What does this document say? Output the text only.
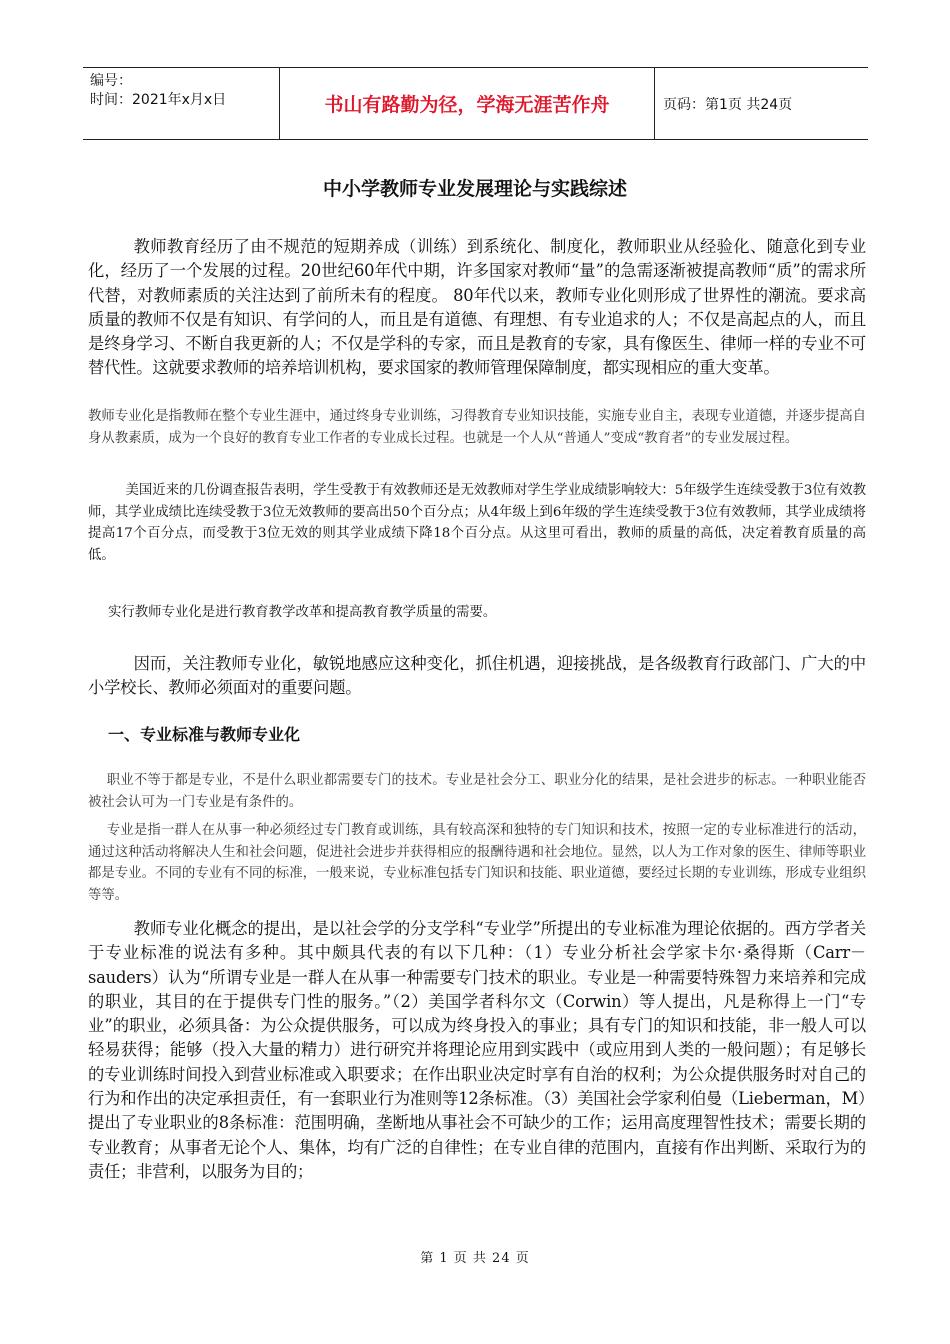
编号：
时间：2021年x月x日	书山有路勤为径，学海无涯苦作舟	页码：第1页 共24页
中小学教师专业发展理论与实践综述

教师教育经历了由不规范的短期养成（训练）到系统化、制度化，教师职业从经验化、随意化到专业化，经历了一个发展的过程。20世纪60年代中期，许多国家对教师“量”的急需逐渐被提高教师“质”的需求所代替，对教师素质的关注达到了前所未有的程度。 80年代以来，教师专业化则形成了世界性的潮流。要求高质量的教师不仅是有知识、有学问的人，而且是有道德、有理想、有专业追求的人；不仅是高起点的人，而且是终身学习、不断自我更新的人；不仅是学科的专家，而且是教育的专家，具有像医生、律师一样的专业不可替代性。这就要求教师的培养培训机构，要求国家的教师管理保障制度，都实现相应的重大变革。

教师专业化是指教师在整个专业生涯中，通过终身专业训练，习得教育专业知识技能，实施专业自主，表现专业道德，并逐步提高自身从教素质，成为一个良好的教育专业工作者的专业成长过程。也就是一个人从“普通人”变成“教育者”的专业发展过程。

美国近来的几份调查报告表明，学生受教于有效教师还是无效教师对学生学业成绩影响较大：5年级学生连续受教于3位有效教师，其学业成绩比连续受教于3位无效教师的要高出50个百分点；从4年级上到6年级的学生连续受教于3位有效教师，其学业成绩将提高17个百分点，而受教于3位无效的则其学业成绩下降18个百分点。从这里可看出，教师的质量的高低，决定着教育质量的高低。

实行教师专业化是进行教育教学改革和提高教育教学质量的需要。

因而，关注教师专业化，敏锐地感应这种变化，抓住机遇，迎接挑战，是各级教育行政部门、广大的中小学校长、教师必须面对的重要问题。

一、专业标准与教师专业化

职业不等于都是专业，不是什么职业都需要专门的技术。专业是社会分工、职业分化的结果，是社会进步的标志。一种职业能否被社会认可为一门专业是有条件的。

专业是指一群人在从事一种必须经过专门教育或训练，具有较高深和独特的专门知识和技术，按照一定的专业标准进行的活动，通过这种活动将解决人生和社会问题，促进社会进步并获得相应的报酬待遇和社会地位。显然，以人为工作对象的医生、律师等职业都是专业。不同的专业有不同的标准，一般来说，专业标准包括专门知识和技能、职业道德，要经过长期的专业训练，形成专业组织等等。

教师专业化概念的提出，是以社会学的分支学科“专业学”所提出的专业标准为理论依据的。西方学者关于专业标准的说法有多种。其中颇具代表的有以下几种：（1）专业分析社会学家卡尔·桑得斯（Carr－sauders）认为“所谓专业是一群人在从事一种需要专门技术的职业。专业是一种需要特殊智力来培养和完成的职业，其目的在于提供专门性的服务。”（2）美国学者科尔文（Corwin）等人提出，凡是称得上一门“专业”的职业，必须具备：为公众提供服务，可以成为终身投入的事业；具有专门的知识和技能，非一般人可以轻易获得；能够（投入大量的精力）进行研究并将理论应用到实践中（或应用到人类的一般问题）；有足够长的专业训练时间投入到营业标准或入职要求；在作出职业决定时享有自治的权利；为公众提供服务时对自己的行为和作出的决定承担责任，有一套职业行为准则等12条标准。（3）美国社会学家利伯曼（Lieberman，M）提出了专业职业的8条标准：范围明确，垄断地从事社会不可缺少的工作；运用高度理智性技术；需要长期的专业教育；从事者无论个人、集体，均有广泛的自律性；在专业自律的范围内，直接有作出判断、采取行为的责任；非营利，以服务为目的；

第 1 页 共 24 页
